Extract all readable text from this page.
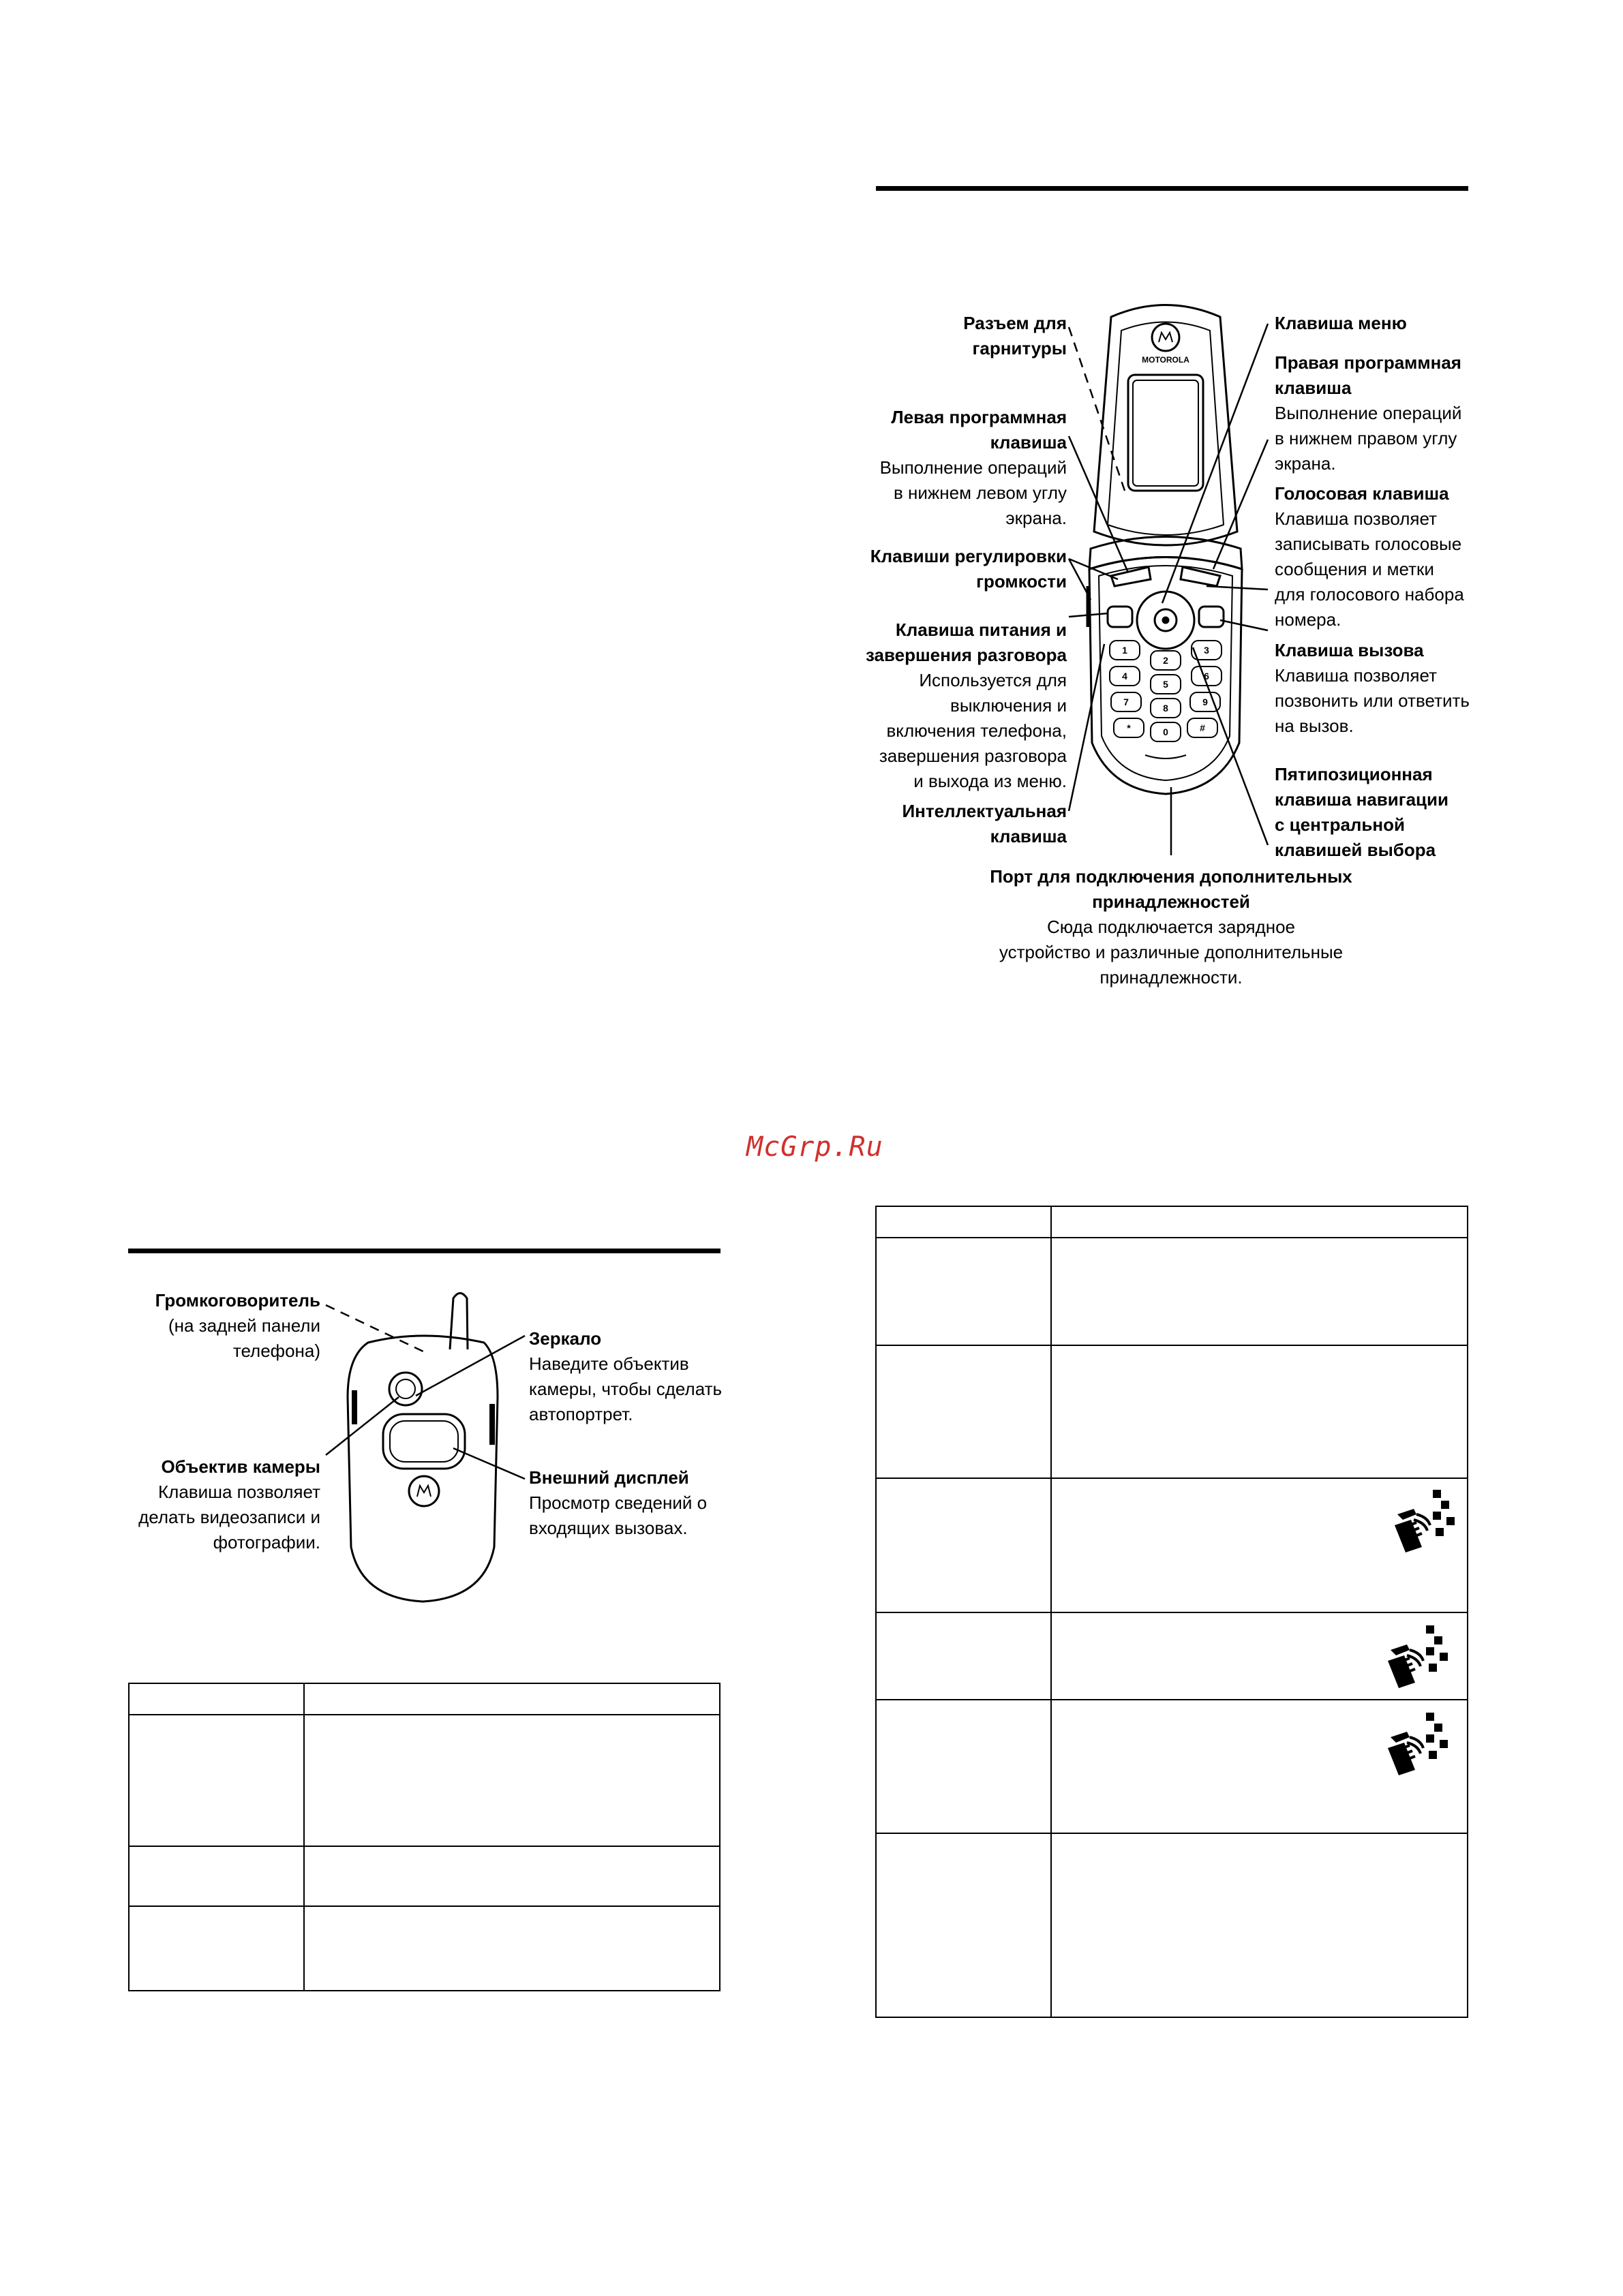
MOTOROLA
1
2
3
4
5
6
7
8
9
*	0	#
Разъем для
гарнитуры
Левая программная
клавиша
Выполнение операций
в нижнем левом углу
экрана.
Клавиши регулировки
громкости
Клавиша питания и
завершения разговора
Используется для
выключения и
включения телефона,
завершения разговора
и выхода из меню.
Интеллектуальная
клавиша
Клавиша меню
Правая программная
клавиша
Выполнение операций
в нижнем правом углу
экрана.
Голосовая клавиша
Клавиша позволяет
записывать голосовые
сообщения и метки
для голосового набора
номера.
Клавиша вызова
Клавиша позволяет
позвонить или ответить
на вызов.
Пятипозиционная
клавиша навигации
с центральной
клавишей выбора
Порт для подключения дополнительных
принадлежностей
Сюда подключается зарядное
устройство и различные дополнительные
принадлежности.
McGrp.Ru
Громкоговоритель
(на задней панели
телефона)
Объектив камеры
Клавиша позволяет
делать видеозаписи и
фотографии.
Зеркало
Наведите объектив
камеры, чтобы сделать
автопортрет.
Внешний дисплей
Просмотр сведений о
входящих вызовах.
